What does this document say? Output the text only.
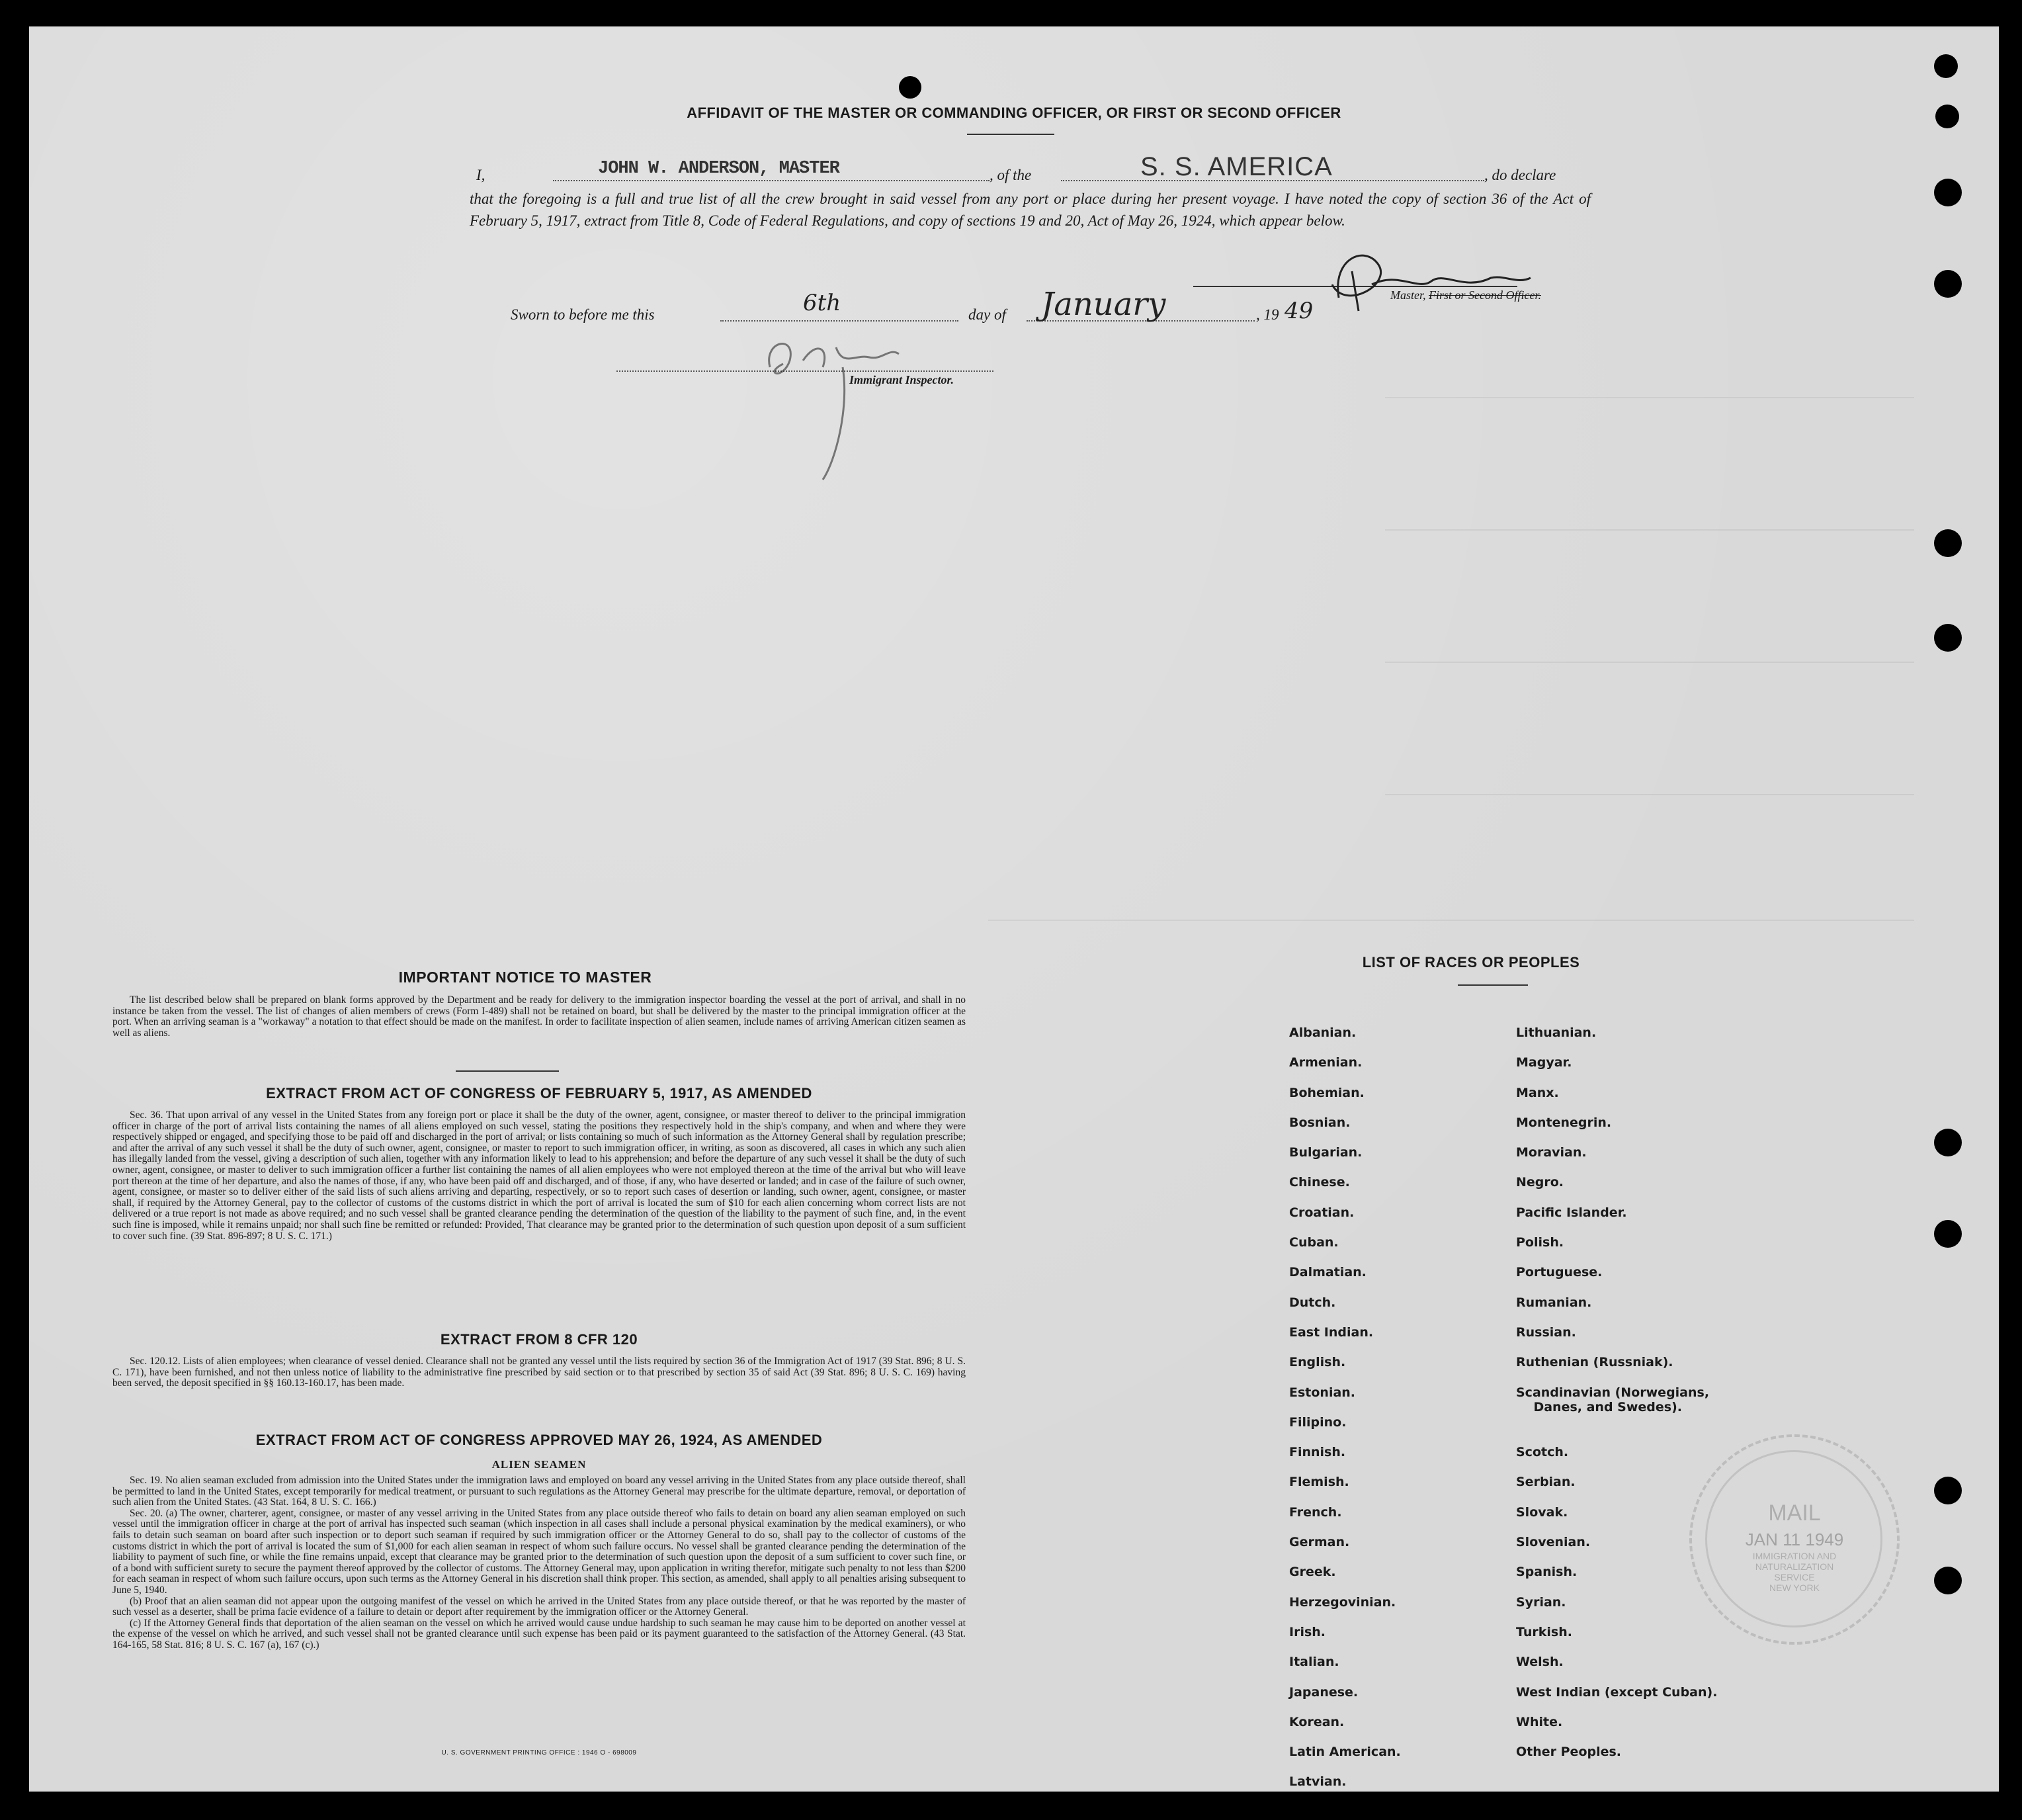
AFFIDAVIT OF THE MASTER OR COMMANDING OFFICER, OR FIRST OR SECOND OFFICER
I,	JOHN W. ANDERSON, MASTER	, of the	S. S. AMERICA	, do declare
that the foregoing is a full and true list of all the crew brought in said vessel from any port or place during her present voyage. I have noted the copy of section 36 of the Act of February 5, 1917, extract from Title 8, Code of Federal Regulations, and copy of sections 19 and 20, Act of May 26, 1924, which appear below.
Master, First or Second Officer.
Sworn to before me this	6th	day of January	, 19 49
Immigrant Inspector.
IMPORTANT NOTICE TO MASTER

The list described below shall be prepared on blank forms approved by the Department and be ready for delivery to the immigration inspector boarding the vessel at the port of arrival, and shall in no instance be taken from the vessel. The list of changes of alien members of crews (Form I-489) shall not be retained on board, but shall be delivered by the master to the principal immigration officer at the port. When an arriving seaman is a "workaway" a notation to that effect should be made on the manifest. In order to facilitate inspection of alien seamen, include names of arriving American citizen seamen as well as aliens.

EXTRACT FROM ACT OF CONGRESS OF FEBRUARY 5, 1917, AS AMENDED

Sec. 36. That upon arrival of any vessel in the United States from any foreign port or place it shall be the duty of the owner, agent, consignee, or master thereof to deliver to the principal immigration officer in charge of the port of arrival lists containing the names of all aliens employed on such vessel, stating the positions they respectively hold in the ship's company, and when and where they were respectively shipped or engaged, and specifying those to be paid off and discharged in the port of arrival; or lists containing so much of such information as the Attorney General shall by regulation prescribe; and after the arrival of any such vessel it shall be the duty of such owner, agent, consignee, or master to report to such immigration officer, in writing, as soon as discovered, all cases in which any such alien has illegally landed from the vessel, giving a description of such alien, together with any information likely to lead to his apprehension; and before the departure of any such vessel it shall be the duty of such owner, agent, consignee, or master to deliver to such immigration officer a further list containing the names of all alien employees who were not employed thereon at the time of the arrival but who will leave port thereon at the time of her departure, and also the names of those, if any, who have been paid off and discharged, and of those, if any, who have deserted or landed; and in case of the failure of such owner, agent, consignee, or master so to deliver either of the said lists of such aliens arriving and departing, respectively, or so to report such cases of desertion or landing, such owner, agent, consignee, or master shall, if required by the Attorney General, pay to the collector of customs of the customs district in which the port of arrival is located the sum of $10 for each alien concerning whom correct lists are not delivered or a true report is not made as above required; and no such vessel shall be granted clearance pending the determination of the question of the liability to the payment of such fine, and, in the event such fine is imposed, while it remains unpaid; nor shall such fine be remitted or refunded: Provided, That clearance may be granted prior to the determination of such question upon deposit of a sum sufficient to cover such fine. (39 Stat. 896-897; 8 U. S. C. 171.)

EXTRACT FROM 8 CFR 120

Sec. 120.12. Lists of alien employees; when clearance of vessel denied. Clearance shall not be granted any vessel until the lists required by section 36 of the Immigration Act of 1917 (39 Stat. 896; 8 U. S. C. 171), have been furnished, and not then unless notice of liability to the administrative fine prescribed by said section or to that prescribed by section 35 of said Act (39 Stat. 896; 8 U. S. C. 169) having been served, the deposit specified in §§ 160.13-160.17, has been made.

EXTRACT FROM ACT OF CONGRESS APPROVED MAY 26, 1924, AS AMENDED
ALIEN SEAMEN

Sec. 19. No alien seaman excluded from admission into the United States under the immigration laws and employed on board any vessel arriving in the United States from any place outside thereof, shall be permitted to land in the United States, except temporarily for medical treatment, or pursuant to such regulations as the Attorney General may prescribe for the ultimate departure, removal, or deportation of such alien from the United States. (43 Stat. 164, 8 U. S. C. 166.)

Sec. 20. (a) The owner, charterer, agent, consignee, or master of any vessel arriving in the United States from any place outside thereof who fails to detain on board any alien seaman employed on such vessel until the immigration officer in charge at the port of arrival has inspected such seaman (which inspection in all cases shall include a personal physical examination by the medical examiners), or who fails to detain such seaman on board after such inspection or to deport such seaman if required by such immigration officer or the Attorney General to do so, shall pay to the collector of customs of the customs district in which the port of arrival is located the sum of $1,000 for each alien seaman in respect of whom such failure occurs. No vessel shall be granted clearance pending the determination of the liability to payment of such fine, or while the fine remains unpaid, except that clearance may be granted prior to the determination of such question upon the deposit of a sum sufficient to cover such fine, or of a bond with sufficient surety to secure the payment thereof approved by the collector of customs. The Attorney General may, upon application in writing therefor, mitigate such penalty to not less than $200 for each seaman in respect of whom such failure occurs, upon such terms as the Attorney General in his discretion shall think proper. This section, as amended, shall apply to all penalties arising subsequent to June 5, 1940.

(b) Proof that an alien seaman did not appear upon the outgoing manifest of the vessel on which he arrived in the United States from any place outside thereof, or that he was reported by the master of such vessel as a deserter, shall be prima facie evidence of a failure to detain or deport after requirement by the immigration officer or the Attorney General.

(c) If the Attorney General finds that deportation of the alien seaman on the vessel on which he arrived would cause undue hardship to such seaman he may cause him to be deported on another vessel at the expense of the vessel on which he arrived, and such vessel shall not be granted clearance until such expense has been paid or its payment guaranteed to the satisfaction of the Attorney General. (43 Stat. 164-165, 58 Stat. 816; 8 U. S. C. 167 (a), 167 (c).)

U. S. GOVERNMENT PRINTING OFFICE : 1946 O - 698009
LIST OF RACES OR PEOPLES
Albanian.
Armenian.
Bohemian.
Bosnian.
Bulgarian.
Chinese.
Croatian.
Cuban.
Dalmatian.
Dutch.
East Indian.
English.
Estonian.
Filipino.
Finnish.
Flemish.
French.
German.
Greek.
Herzegovinian.
Irish.
Italian.
Japanese.
Korean.
Latin American.
Latvian.
Lithuanian.
Magyar.
Manx.
Montenegrin.
Moravian.
Negro.
Pacific Islander.
Polish.
Portuguese.
Rumanian.
Russian.
Ruthenian (Russniak).
Scandinavian (Norwegians,
Danes, and Swedes).
Scotch.
Serbian.
Slovak.
Slovenian.
Spanish.
Syrian.
Turkish.
Welsh.
West Indian (except Cuban).
White.
Other Peoples.
MAIL
JAN 11 1949
IMMIGRATION AND
NATURALIZATION
SERVICE
NEW YORK
